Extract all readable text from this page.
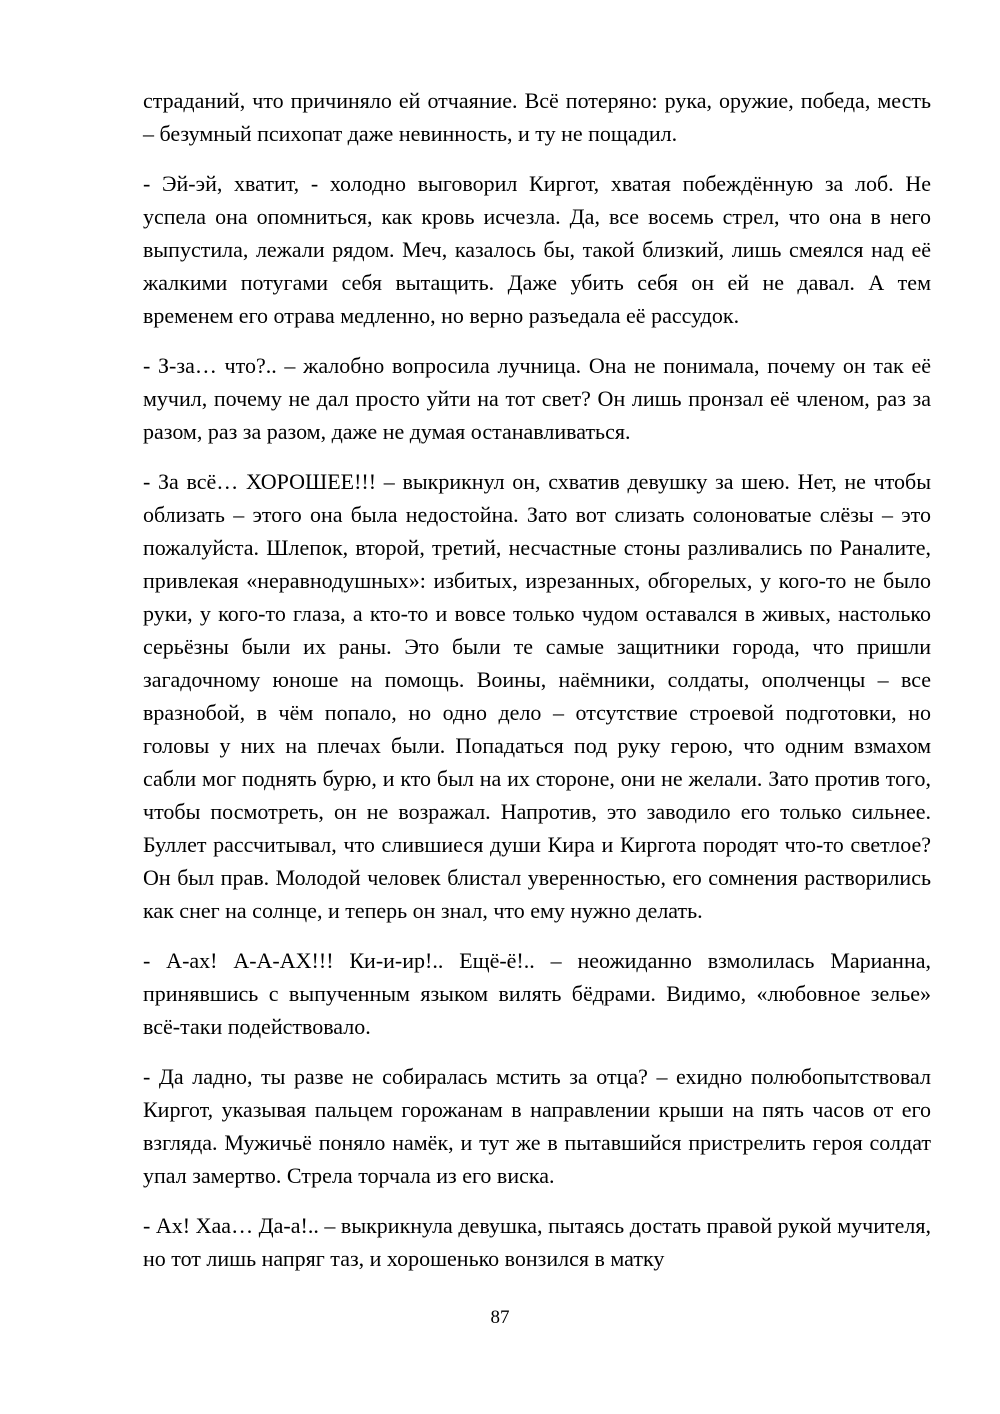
страданий, что причиняло ей отчаяние. Всё потеряно: рука, оружие, победа, месть – безумный психопат даже невинность, и ту не пощадил.

- Эй-эй, хватит, - холодно выговорил Киргот, хватая побеждённую за лоб. Не успела она опомниться, как кровь исчезла. Да, все восемь стрел, что она в него выпустила, лежали рядом. Меч, казалось бы, такой близкий, лишь смеялся над её жалкими потугами себя вытащить. Даже убить себя он ей не давал. А тем временем его отрава медленно, но верно разъедала её рассудок.

- З-за… что?.. – жалобно вопросила лучница. Она не понимала, почему он так её мучил, почему не дал просто уйти на тот свет? Он лишь пронзал её членом, раз за разом, раз за разом, даже не думая останавливаться.

- За всё… ХОРОШЕЕ!!! – выкрикнул он, схватив девушку за шею. Нет, не чтобы облизать – этого она была недостойна. Зато вот слизать солоноватые слёзы – это пожалуйста. Шлепок, второй, третий, несчастные стоны разливались по Раналите, привлекая «неравнодушных»: избитых, изрезанных, обгорелых, у кого-то не было руки, у кого-то глаза, а кто-то и вовсе только чудом оставался в живых, настолько серьёзны были их раны. Это были те самые защитники города, что пришли загадочному юноше на помощь. Воины, наёмники, солдаты, ополченцы – все вразнобой, в чём попало, но одно дело – отсутствие строевой подготовки, но головы у них на плечах были. Попадаться под руку герою, что одним взмахом сабли мог поднять бурю, и кто был на их стороне, они не желали. Зато против того, чтобы посмотреть, он не возражал. Напротив, это заводило его только сильнее. Буллет рассчитывал, что слившиеся души Кира и Киргота породят что-то светлое? Он был прав. Молодой человек блистал уверенностью, его сомнения растворились как снег на солнце, и теперь он знал, что ему нужно делать.

- А-ах! А-А-АХ!!! Ки-и-ир!.. Ещё-ё!.. – неожиданно взмолилась Марианна, принявшись с выпученным языком вилять бёдрами. Видимо, «любовное зелье» всё-таки подействовало.

- Да ладно, ты разве не собиралась мстить за отца? – ехидно полюбопытствовал Киргот, указывая пальцем горожанам в направлении крыши на пять часов от его взгляда. Мужичьё поняло намёк, и тут же в пытавшийся пристрелить героя солдат упал замертво. Стрела торчала из его виска.

- Ах! Хаа… Да-а!.. – выкрикнула девушка, пытаясь достать правой рукой мучителя, но тот лишь напряг таз, и хорошенько вонзился в матку

87
